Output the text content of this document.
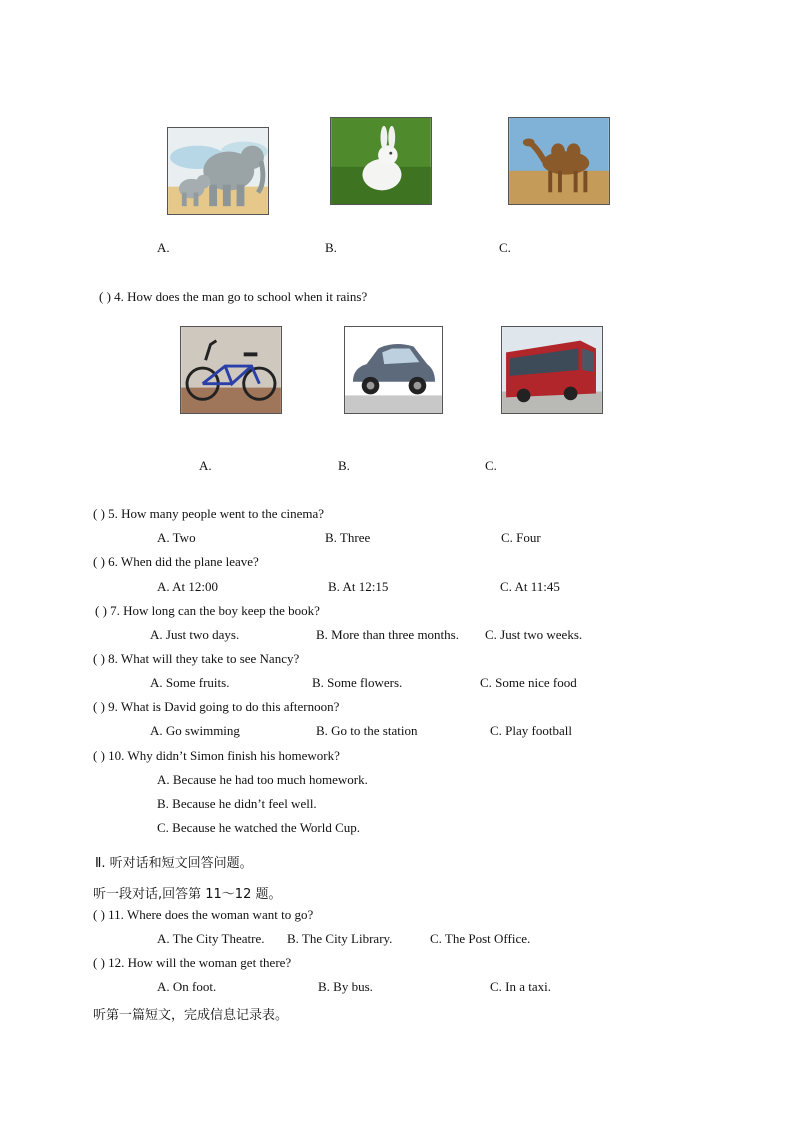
A.	B.	C.
( ) 4. How does the man go to school when it rains?
A.	B.	C.
( ) 5. How many people went to the cinema?
A. Two	B. Three	C. Four
( ) 6. When did the plane leave?
A. At 12:00	B. At 12:15	C. At 11:45
( ) 7. How long can the boy keep the book?
A. Just two days.	B. More than three months. C. Just two weeks.
( ) 8. What will they take to see Nancy?
A. Some fruits.	B. Some flowers.	C. Some nice food
( ) 9. What is David going to do this afternoon?
A. Go swimming	B. Go to the station	C. Play football
( ) 10. Why didn’t Simon finish his homework?
A. Because he had too much homework.
B. Because he didn’t feel well.
C. Because he watched the World Cup.
Ⅱ. 听对话和短文回答问题。
听一段对话,回答第 11～12 题。
( ) 11. Where does the woman want to go?
A. The City Theatre. B. The City Library.	C. The Post Office.
( ) 12. How will the woman get there?
A. On foot.	B. By bus.	C. In a taxi.
听第一篇短文，完成信息记录表。
